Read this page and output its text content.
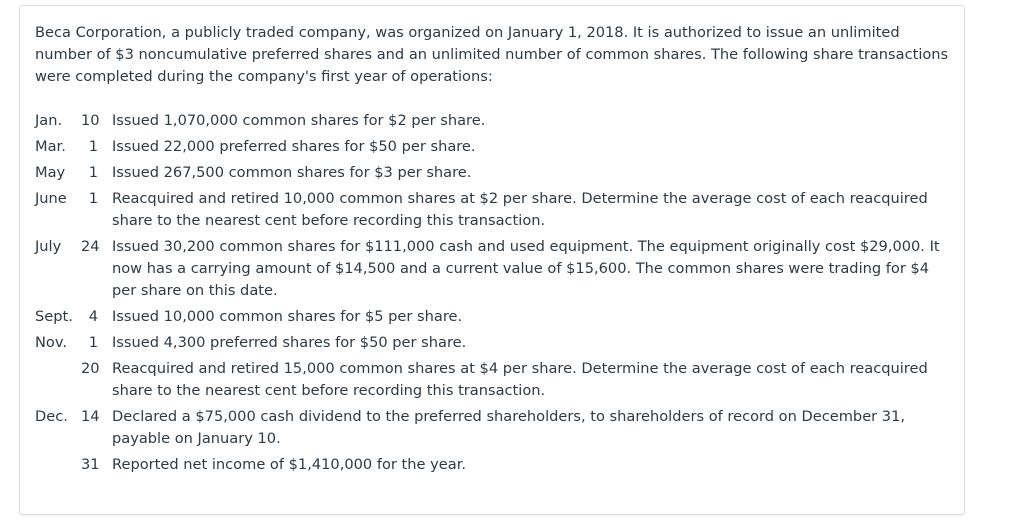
Beca Corporation, a publicly traded company, was organized on January 1, 2018. It is authorized to issue an unlimited number of $3 noncumulative preferred shares and an unlimited number of common shares. The following share transactions were completed during the company's first year of operations:

Jan.	10 Issued 1,070,000 common shares for $2 per share.
Mar.	1 Issued 22,000 preferred shares for $50 per share.
May	1 Issued 267,500 common shares for $3 per share.
June	1 Reacquired and retired 10,000 common shares at $2 per share. Determine the average cost of each reacquired share to the nearest cent before recording this transaction.
July	24 Issued 30,200 common shares for $111,000 cash and used equipment. The equipment originally cost $29,000. It now has a carrying amount of $14,500 and a current value of $15,600. The common shares were trading for $4 per share on this date.
Sept.	4 Issued 10,000 common shares for $5 per share.
Nov.	1 Issued 4,300 preferred shares for $50 per share.
20 Reacquired and retired 15,000 common shares at $4 per share. Determine the average cost of each reacquired share to the nearest cent before recording this transaction.
Dec. 14 Declared a $75,000 cash dividend to the preferred shareholders, to shareholders of record on December 31, payable on January 10.
31 Reported net income of $1,410,000 for the year.
